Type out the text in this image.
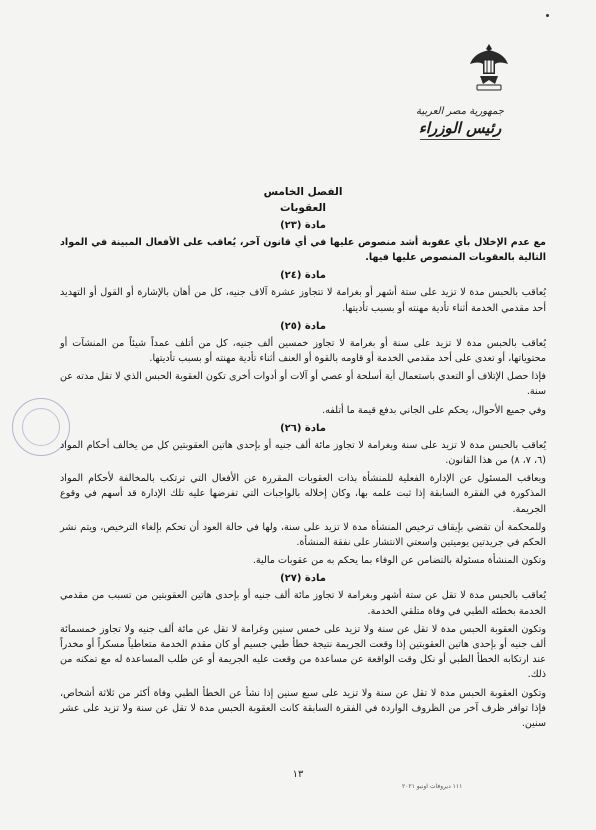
جمهورية مصر العربية
رئيس الوزراء
الفصل الخامس
العقوبات
مادة (٢٣)

مع عدم الإخلال بأي عقوبة أشد منصوص عليها في أي قانون آخر، يُعاقب على الأفعال المبينة في المواد التالية بالعقوبات المنصوص عليها فيها.

مادة (٢٤)

يُعاقب بالحبس مدة لا تزيد على ستة أشهر أو بغرامة لا تتجاوز عشرة آلاف جنيه، كل من أهان بالإشارة أو القول أو التهديد أحد مقدمي الخدمة أثناء تأدية مهنته أو بسبب تأديتها.

مادة (٢٥)

يُعاقب بالحبس مدة لا تزيد على سنة أو بغرامة لا تجاوز خمسين ألف جنيه، كل من أتلف عمداً شيئاً من المنشآت أو محتوياتها، أو تعدى على أحد مقدمي الخدمة أو قاومه بالقوة أو العنف أثناء تأدية مهنته أو بسبب تأديتها.

فإذا حصل الإتلاف أو التعدي باستعمال أية أسلحة أو عصي أو آلات أو أدوات أخرى تكون العقوبة الحبس الذي لا تقل مدته عن سنة.

وفي جميع الأحوال، يحكم على الجاني بدفع قيمة ما أتلفه.

مادة (٢٦)

يُعاقب بالحبس مدة لا تزيد على سنة وبغرامة لا تجاوز مائة ألف جنيه أو بإحدى هاتين العقوبتين كل من يخالف أحكام المواد (٦، ٧، ٨) من هذا القانون.

ويعاقب المسئول عن الإدارة الفعلية للمنشأة بذات العقوبات المقررة عن الأفعال التي ترتكب بالمخالفة لأحكام المواد المذكورة في الفقرة السابقة إذا ثبت علمه بها، وكان إخلاله بالواجبات التي تفرضها عليه تلك الإدارة قد أسهم في وقوع الجريمة.

وللمحكمة أن تقضي بإيقاف ترخيص المنشأة مدة لا تزيد على سنة، ولها في حالة العود أن تحكم بإلغاء الترخيص، ويتم نشر الحكم في جريدتين يوميتين واسعتي الانتشار على نفقة المنشأة.

وتكون المنشأة مسئولة بالتضامن عن الوفاء بما يحكم به من عقوبات مالية.

مادة (٢٧)

يُعاقب بالحبس مدة لا تقل عن ستة أشهر وبغرامة لا تجاوز مائة ألف جنيه أو بإحدى هاتين العقوبتين من تسبب من مقدمي الخدمة بخطئه الطبي في وفاة متلقي الخدمة.

وتكون العقوبة الحبس مدة لا تقل عن سنة ولا تزيد على خمس سنين وغرامة لا تقل عن مائة ألف جنيه ولا تجاوز خمسمائة ألف جنيه أو بإحدى هاتين العقوبتين إذا وقعت الجريمة نتيجة خطأ طبي جسيم أو كان مقدم الخدمة متعاطياً مسكراً أو مخدراً عند ارتكابه الخطأ الطبي أو نكل وقت الواقعة عن مساعدة من وقعت عليه الجريمة أو عن طلب المساعدة له مع تمكنه من ذلك.

وتكون العقوبة الحبس مدة لا تقل عن سنة ولا تزيد على سبع سنين إذا نشأ عن الخطأ الطبي وفاة أكثر من ثلاثة أشخاص، فإذا توافر ظرف آخر من الظروف الواردة في الفقرة السابقة كانت العقوبة الحبس مدة لا تقل عن سنة ولا تزيد على عشر سنين.

١٣
١١١ ديروفات اونيو ٢٠٢١
